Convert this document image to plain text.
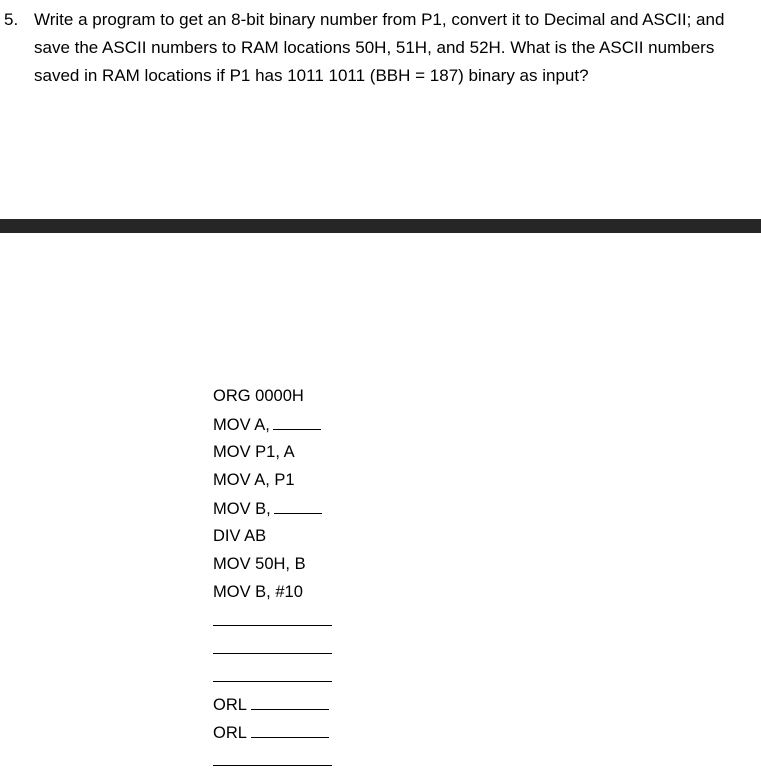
5. Write a program to get an 8-bit binary number from P1, convert it to Decimal and ASCII; and save the ASCII numbers to RAM locations 50H, 51H, and 52H. What is the ASCII numbers saved in RAM locations if P1 has 1011 1011 (BBH = 187) binary as input?
ORG 0000H
MOV A,
MOV P1, A
MOV A, P1
MOV B,
DIV AB
MOV 50H, B
MOV B, #10
ORL
ORL
